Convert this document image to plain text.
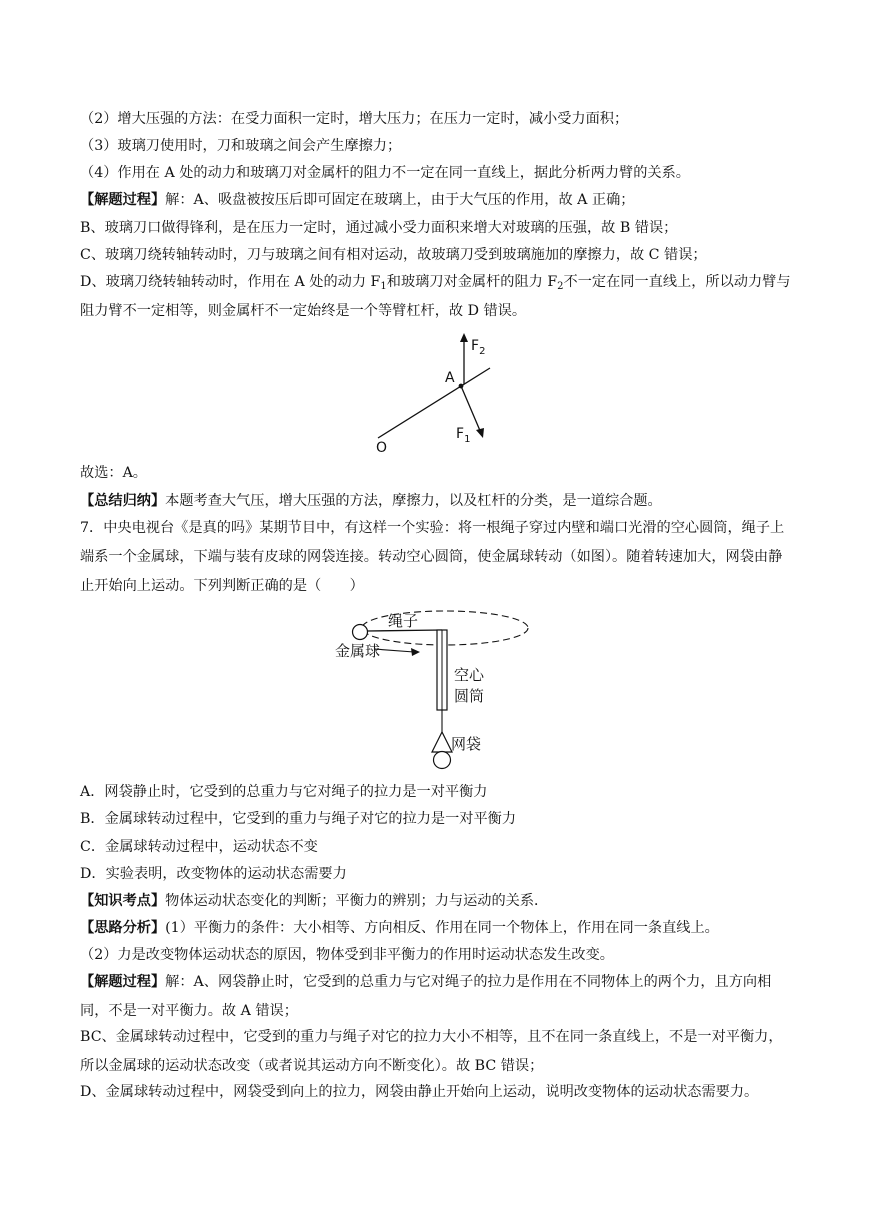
（2）增大压强的方法：在受力面积一定时，增大压力；在压力一定时，减小受力面积；
（3）玻璃刀使用时，刀和玻璃之间会产生摩擦力；
（4）作用在 A 处的动力和玻璃刀对金属杆的阻力不一定在同一直线上，据此分析两力臂的关系。
【解题过程】解：A、吸盘被按压后即可固定在玻璃上，由于大气压的作用，故 A 正确；
B、玻璃刀口做得锋利，是在压力一定时，通过减小受力面积来增大对玻璃的压强，故 B 错误；
C、玻璃刀绕转轴转动时，刀与玻璃之间有相对运动，故玻璃刀受到玻璃施加的摩擦力，故 C 错误；
D、玻璃刀绕转轴转动时，作用在 A 处的动力 $F_1$和玻璃刀对金属杆的阻力 $F_2$不一定在同一直线上，所以动力臂与阻力臂不一定相等，则金属杆不一定始终是一个等臂杠杆，故 D 错误。
$F_2$
A
$F_1$
O
故选：A。
【总结归纳】本题考查大气压，增大压强的方法，摩擦力，以及杠杆的分类，是一道综合题。
7．中央电视台《是真的吗》某期节目中，有这样一个实验：将一根绳子穿过内壁和端口光滑的空心圆筒，绳子上端系一个金属球，下端与装有皮球的网袋连接。转动空心圆筒，使金属球转动（如图）。随着转速加大，网袋由静止开始向上运动。下列判断正确的是（　　）
绳子
金属球
空心
圆筒
网袋
A．网袋静止时，它受到的总重力与它对绳子的拉力是一对平衡力
B．金属球转动过程中，它受到的重力与绳子对它的拉力是一对平衡力
C．金属球转动过程中，运动状态不变
D．实验表明，改变物体的运动状态需要力
【知识考点】物体运动状态变化的判断；平衡力的辨别；力与运动的关系．
【思路分析】(1）平衡力的条件：大小相等、方向相反、作用在同一个物体上，作用在同一条直线上。
（2）力是改变物体运动状态的原因，物体受到非平衡力的作用时运动状态发生改变。
【解题过程】解：A、网袋静止时，它受到的总重力与它对绳子的拉力是作用在不同物体上的两个力，且方向相同，不是一对平衡力。故 A 错误；
BC、金属球转动过程中，它受到的重力与绳子对它的拉力大小不相等，且不在同一条直线上，不是一对平衡力，所以金属球的运动状态改变（或者说其运动方向不断变化）。故 BC 错误；
D、金属球转动过程中，网袋受到向上的拉力，网袋由静止开始向上运动，说明改变物体的运动状态需要力。
